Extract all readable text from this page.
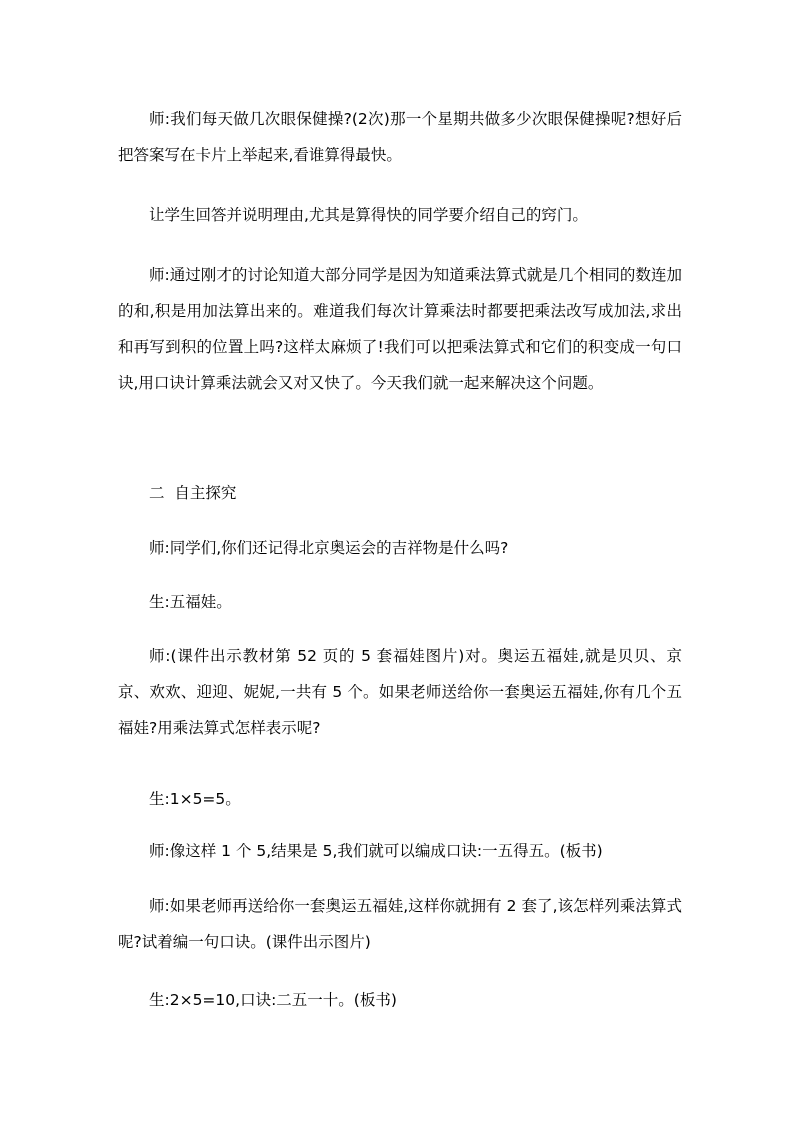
师:我们每天做几次眼保健操?(2次)那一个星期共做多少次眼保健操呢?想好后把答案写在卡片上举起来,看谁算得最快。

让学生回答并说明理由,尤其是算得快的同学要介绍自己的窍门。

师:通过刚才的讨论知道大部分同学是因为知道乘法算式就是几个相同的数连加的和,积是用加法算出来的。难道我们每次计算乘法时都要把乘法改写成加法,求出和再写到积的位置上吗?这样太麻烦了!我们可以把乘法算式和它们的积变成一句口诀,用口诀计算乘法就会又对又快了。今天我们就一起来解决这个问题。

二  自主探究

师:同学们,你们还记得北京奥运会的吉祥物是什么吗?

生:五福娃。

师:(课件出示教材第 52 页的 5 套福娃图片)对。奥运五福娃,就是贝贝、京京、欢欢、迎迎、妮妮,一共有 5 个。如果老师送给你一套奥运五福娃,你有几个五福娃?用乘法算式怎样表示呢?

生:1×5=5。

师:像这样 1 个 5,结果是 5,我们就可以编成口诀:一五得五。(板书)

师:如果老师再送给你一套奥运五福娃,这样你就拥有 2 套了,该怎样列乘法算式呢?试着编一句口诀。(课件出示图片)

生:2×5=10,口诀:二五一十。(板书)
